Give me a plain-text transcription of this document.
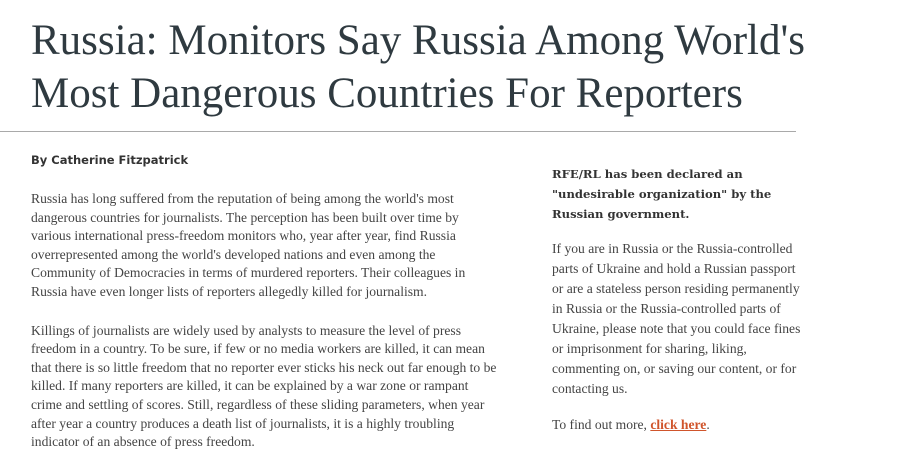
Russia: Monitors Say Russia Among World's Most Dangerous Countries For Reporters

By Catherine Fitzpatrick

Russia has long suffered from the reputation of being among the world's most dangerous countries for journalists. The perception has been built over time by various international press-freedom monitors who, year after year, find Russia overrepresented among the world's developed nations and even among the Community of Democracies in terms of murdered reporters. Their colleagues in Russia have even longer lists of reporters allegedly killed for journalism.

Killings of journalists are widely used by analysts to measure the level of press freedom in a country. To be sure, if few or no media workers are killed, it can mean that there is so little freedom that no reporter ever sticks his neck out far enough to be killed. If many reporters are killed, it can be explained by a war zone or rampant crime and settling of scores. Still, regardless of these sliding parameters, when year after year a country produces a death list of journalists, it is a highly troubling indicator of an absence of press freedom.

RFE/RL has been declared an "undesirable organization" by the Russian government.

If you are in Russia or the Russia-controlled parts of Ukraine and hold a Russian passport or are a stateless person residing permanently in Russia or the Russia-controlled parts of Ukraine, please note that you could face fines or imprisonment for sharing, liking, commenting on, or saving our content, or for contacting us.

To find out more, click here.
